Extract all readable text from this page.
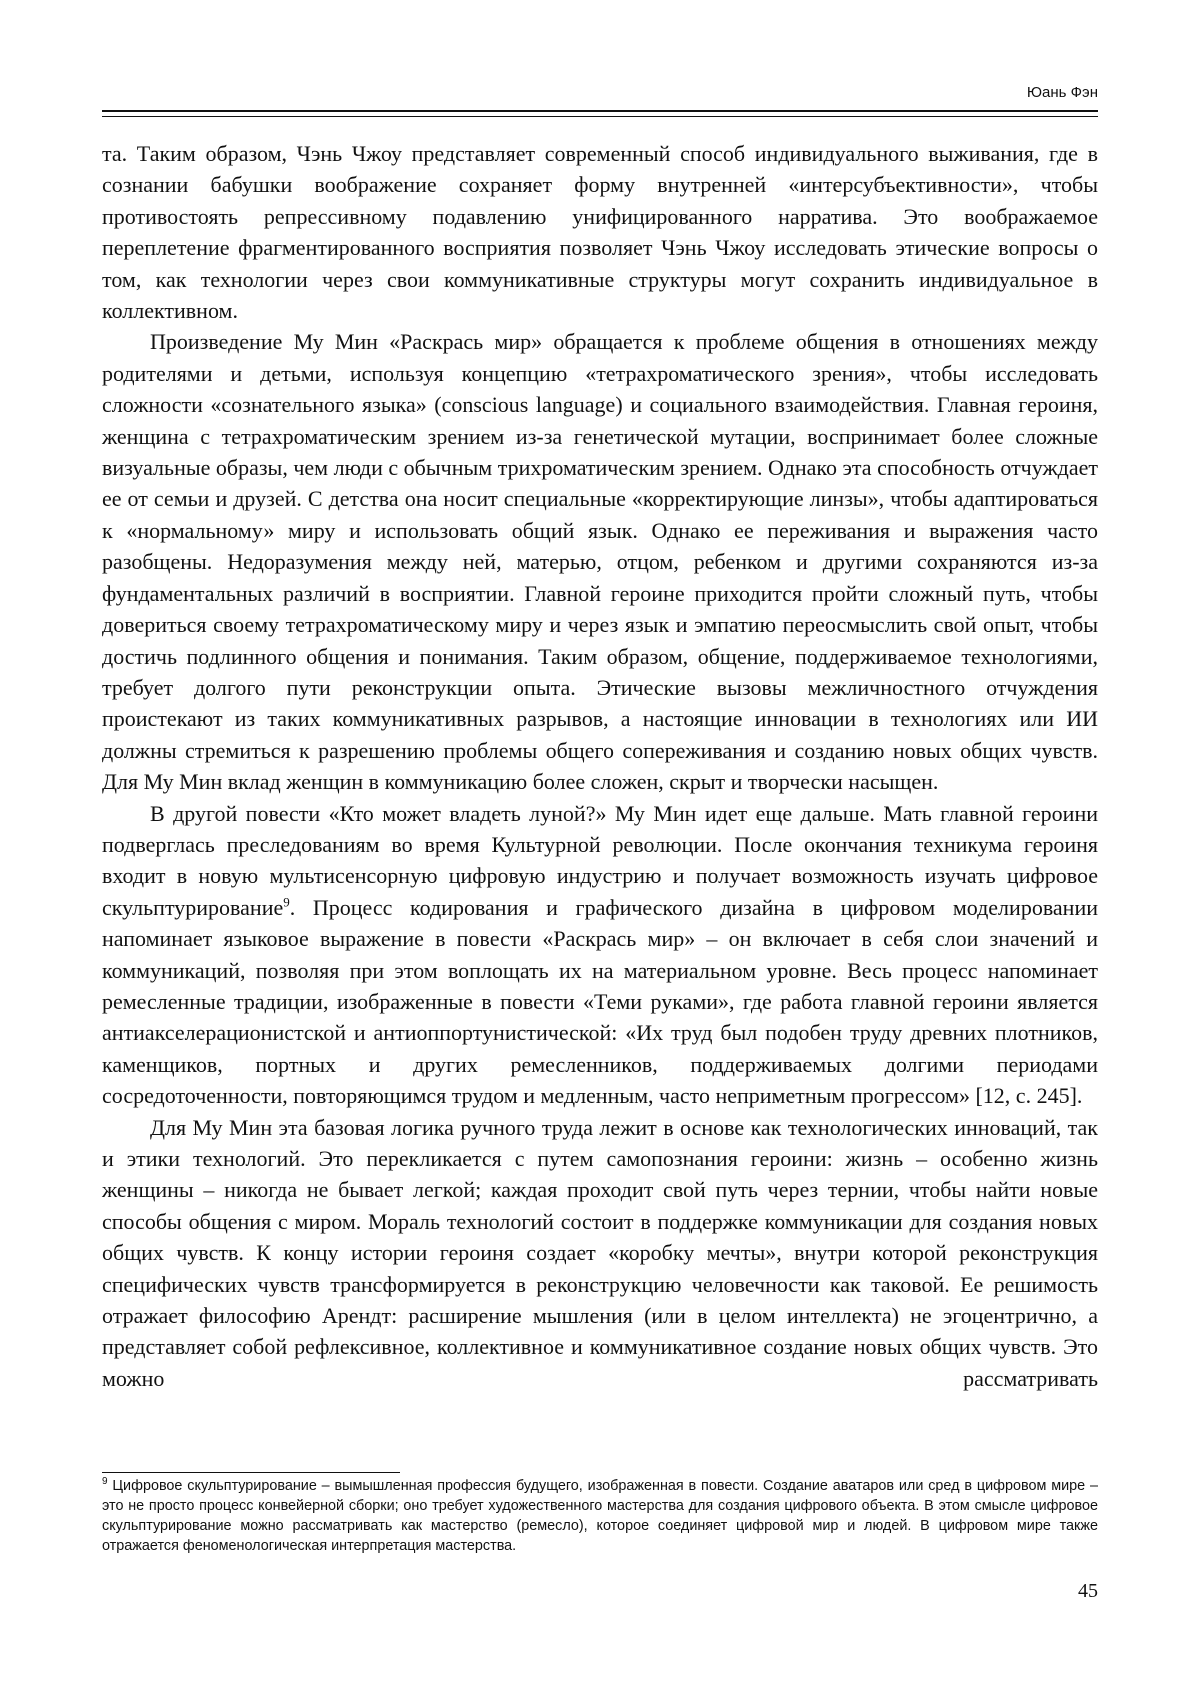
Юань Фэн

та. Таким образом, Чэнь Чжоу представляет современный способ индивидуального выживания, где в сознании бабушки воображение сохраняет форму внутренней «интерсубъективности», чтобы противостоять репрессивному подавлению унифицированного нарратива. Это воображаемое переплетение фрагментированного восприятия позволяет Чэнь Чжоу исследовать этические вопросы о том, как технологии через свои коммуникативные структуры могут сохранить индивидуальное в коллективном.

Произведение Му Мин «Раскрась мир» обращается к проблеме общения в отношениях между родителями и детьми, используя концепцию «тетрахроматического зрения», чтобы исследовать сложности «сознательного языка» (conscious language) и социального взаимодействия. Главная героиня, женщина с тетрахроматическим зрением из-за генетической мутации, воспринимает более сложные визуальные образы, чем люди с обычным трихроматическим зрением. Однако эта способность отчуждает ее от семьи и друзей. С детства она носит специальные «корректирующие линзы», чтобы адаптироваться к «нормальному» миру и использовать общий язык. Однако ее переживания и выражения часто разобщены. Недоразумения между ней, матерью, отцом, ребенком и другими сохраняются из-за фундаментальных различий в восприятии. Главной героине приходится пройти сложный путь, чтобы довериться своему тетрахроматическому миру и через язык и эмпатию переосмыслить свой опыт, чтобы достичь подлинного общения и понимания. Таким образом, общение, поддерживаемое технологиями, требует долгого пути реконструкции опыта. Этические вызовы межличностного отчуждения проистекают из таких коммуникативных разрывов, а настоящие инновации в технологиях или ИИ должны стремиться к разрешению проблемы общего сопереживания и созданию новых общих чувств. Для Му Мин вклад женщин в коммуникацию более сложен, скрыт и творчески насыщен.

В другой повести «Кто может владеть луной?» Му Мин идет еще дальше. Мать главной героини подверглась преследованиям во время Культурной революции. После окончания техникума героиня входит в новую мультисенсорную цифровую индустрию и получает возможность изучать цифровое скульптурирование$^9$. Процесс кодирования и графического дизайна в цифровом моделировании напоминает языковое выражение в повести «Раскрась мир» – он включает в себя слои значений и коммуникаций, позволяя при этом воплощать их на материальном уровне. Весь процесс напоминает ремесленные традиции, изображенные в повести «Теми руками», где работа главной героини является антиакселерационистской и антиоппортунистической: «Их труд был подобен труду древних плотников, каменщиков, портных и других ремесленников, поддерживаемых долгими периодами сосредоточенности, повторяющимся трудом и медленным, часто неприметным прогрессом» [12, с. 245].

Для Му Мин эта базовая логика ручного труда лежит в основе как технологических инноваций, так и этики технологий. Это перекликается с путем самопознания героини: жизнь – особенно жизнь женщины – никогда не бывает легкой; каждая проходит свой путь через тернии, чтобы найти новые способы общения с миром. Мораль технологий состоит в поддержке коммуникации для создания новых общих чувств. К концу истории героиня создает «коробку мечты», внутри которой реконструкция специфических чувств трансформируется в реконструкцию человечности как таковой. Ее решимость отражает философию Арендт: расширение мышления (или в целом интеллекта) не эгоцентрично, а представляет собой рефлексивное, коллективное и коммуникативное создание новых общих чувств. Это можно рассматривать

$^9$ Цифровое скульптурирование – вымышленная профессия будущего, изображенная в повести. Создание аватаров или сред в цифровом мире – это не просто процесс конвейерной сборки; оно требует художественного мастерства для создания цифрового объекта. В этом смысле цифровое скульптурирование можно рассматривать как мастерство (ремесло), которое соединяет цифровой мир и людей. В цифровом мире также отражается феноменологическая интерпретация мастерства.
45
